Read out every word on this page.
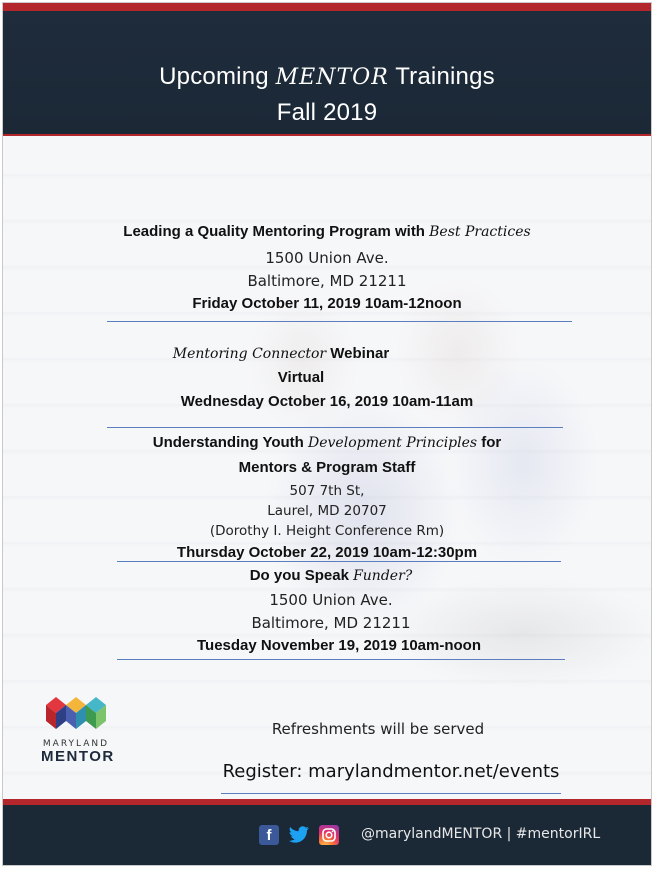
Upcoming MENTOR Trainings
Fall 2019
Leading a Quality Mentoring Program with Best Practices
1500 Union Ave.
Baltimore, MD 21211
Friday October 11, 2019 10am-12noon
Mentoring Connector Webinar
Virtual
Wednesday October 16, 2019 10am-11am
Understanding Youth Development Principles for
Mentors & Program Staff
507 7th St,
Laurel, MD 20707
(Dorothy I. Height Conference Rm)
Thursday October 22, 2019 10am-12:30pm
Do you Speak Funder?
1500 Union Ave.
Baltimore, MD 21211
Tuesday November 19, 2019 10am-noon
MARYLAND
MENTOR
Refreshments will be served
Register: marylandmentor.net/events
f	@marylandMENTOR | #mentorIRL
